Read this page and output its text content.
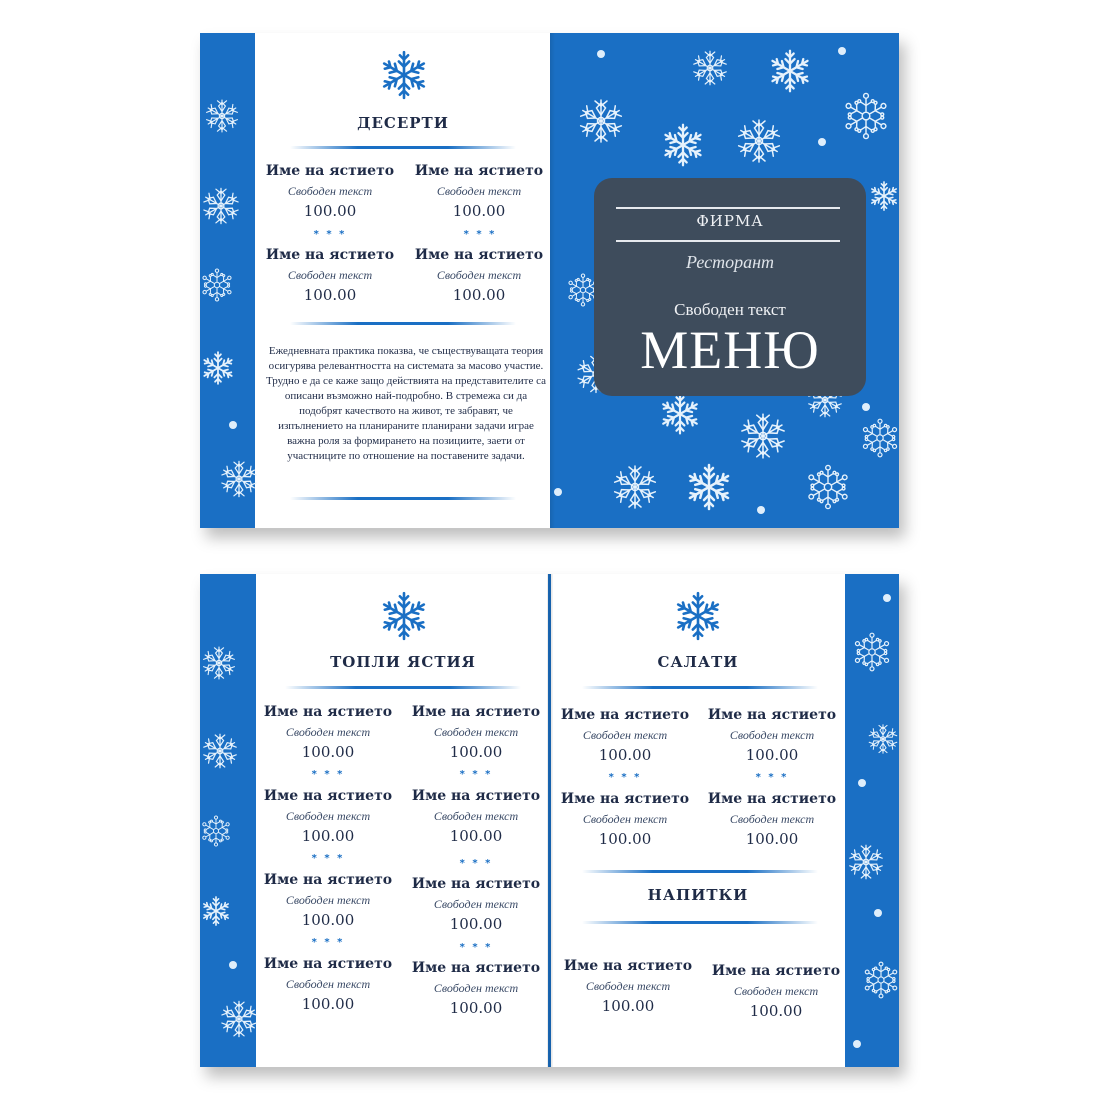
ДЕСЕРТИ
Име на ястието
Свободен текст
100.00
Име на ястието
Свободен текст
100.00
* * *	* * *
Име на ястието
Свободен текст
100.00
Име на ястието
Свободен текст
100.00
Ежедневната практика показва, че съществуващата теория осигурява релевантността на системата за масово участие. Трудно е да се каже защо действията на представителите са описани възможно най-подробно. В стремежа си да подобрят качеството на живот, те забравят, че изпълнението на планираните планирани задачи играе важна роля за формирането на позициите, заети от участниците по отношение на поставените задачи.
ФИРМА
Ресторант
Свободен текст
МЕНЮ
ТОПЛИ ЯСТИЯ
Име на ястието
Свободен текст
100.00
Име на ястието
Свободен текст
100.00
* * *	* * *
Име на ястието
Свободен текст
100.00
Име на ястието
Свободен текст
100.00
* * *	* * *
Име на ястието
Свободен текст
100.00
Име на ястието
Свободен текст
100.00
* * *	* * *
Име на ястието
Свободен текст
100.00
Име на ястието
Свободен текст
100.00
САЛАТИ
Име на ястието
Свободен текст
100.00
Име на ястието
Свободен текст
100.00
* * *	* * *
Име на ястието
Свободен текст
100.00
Име на ястието
Свободен текст
100.00
НАПИТКИ
Име на ястието
Свободен текст
100.00
Име на ястието
Свободен текст
100.00
